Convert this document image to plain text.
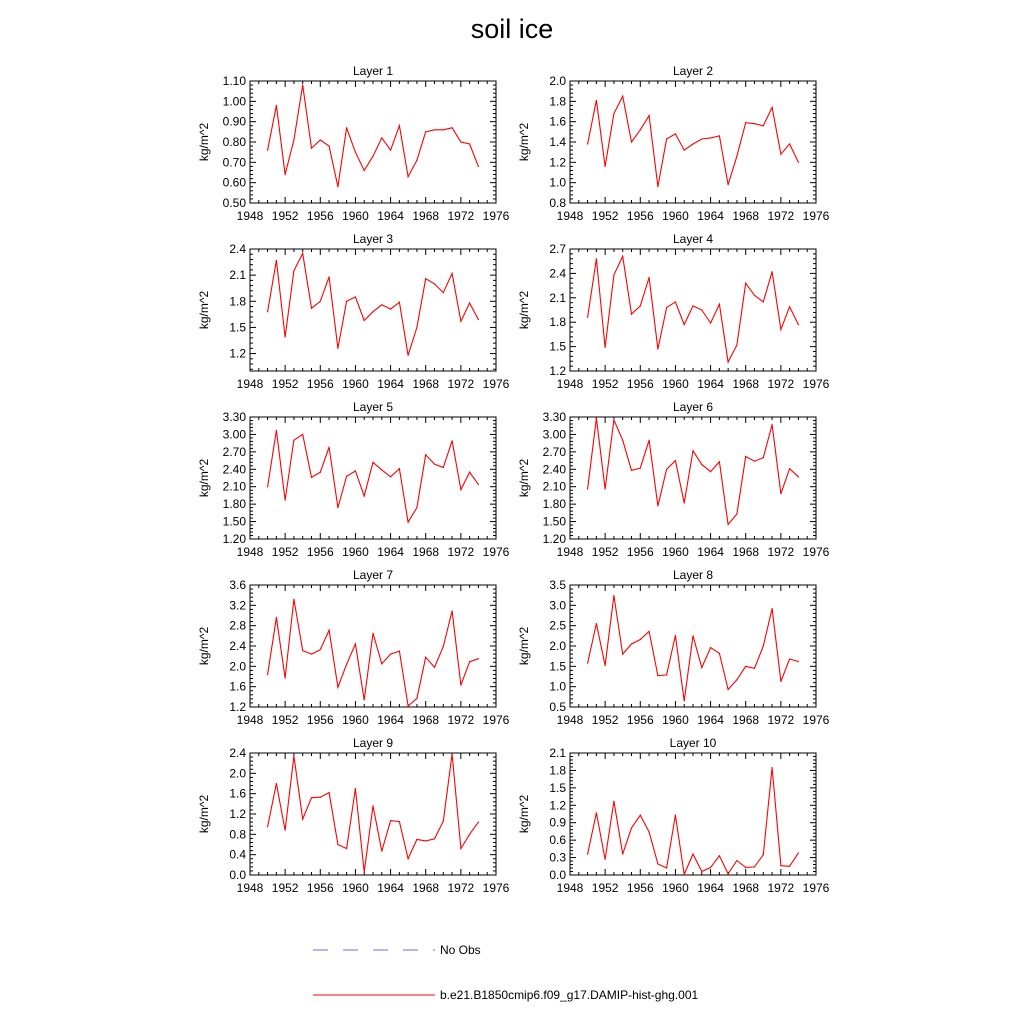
soil ice
Layer 1
kg/m^2
1948 1952 1956 1960 1964 1968 1972 1976
0.50
0.60
0.70
0.80
0.90
1.00
1.10
Layer 2
kg/m^2
1948 1952 1956 1960 1964 1968 1972 1976
0.8
1.0
1.2
1.4
1.6
1.8
2.0
Layer 3
kg/m^2
1948 1952 1956 1960 1964 1968 1972 1976
1.2
1.5
1.8
2.1
2.4
Layer 4
kg/m^2
1948 1952 1956 1960 1964 1968 1972 1976
1.2
1.5
1.8
2.1
2.4
2.7
Layer 5
kg/m^2
1948 1952 1956 1960 1964 1968 1972 1976
1.20
1.50
1.80
2.10
2.40
2.70
3.00
3.30
Layer 6
kg/m^2
1948 1952 1956 1960 1964 1968 1972 1976
1.20
1.50
1.80
2.10
2.40
2.70
3.00
3.30
Layer 7
kg/m^2
1948 1952 1956 1960 1964 1968 1972 1976
1.2
1.6
2.0
2.4
2.8
3.2
3.6
Layer 8
kg/m^2
1948 1952 1956 1960 1964 1968 1972 1976
0.5
1.0
1.5
2.0
2.5
3.0
3.5
Layer 9
kg/m^2
1948 1952 1956 1960 1964 1968 1972 1976
0.0
0.4
0.8
1.2
1.6
2.0
2.4
Layer 10
kg/m^2
1948 1952 1956 1960 1964 1968 1972 1976
0.0
0.3
0.6
0.9
1.2
1.5
1.8
2.1
No Obs
b.e21.B1850cmip6.f09_g17.DAMIP-hist-ghg.001
